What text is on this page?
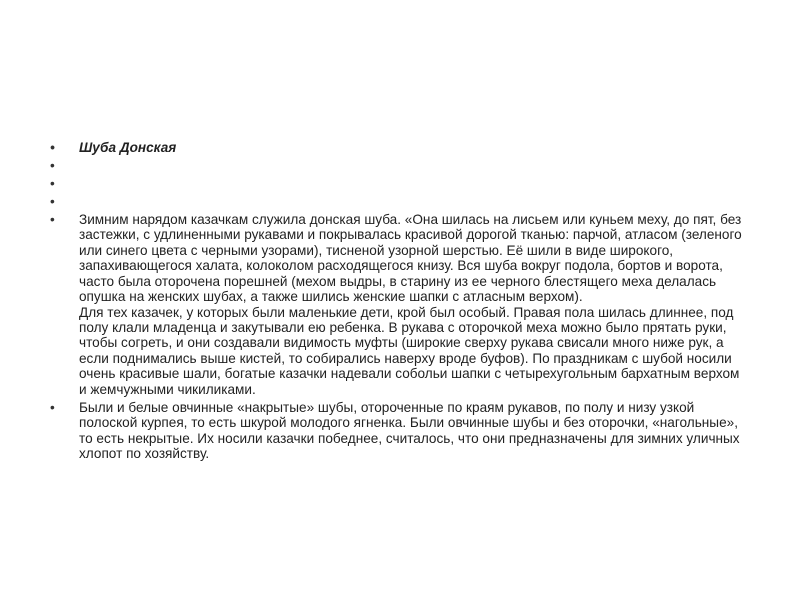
• Шуба Донская
•
•
•
• Зимним нарядом казачкам служила донская шуба. «Она шилась на лисьем или куньем меху, до пят, без застежки, с удлиненными рукавами и покрывалась красивой дорогой тканью: парчой, атласом (зеленого или синего цвета с черными узорами), тисненой узорной шерстью. Её шили в виде широкого, запахивающегося халата, колоколом расходящегося книзу. Вся шуба вокруг подола, бортов и ворота, часто была оторочена порешней (мехом выдры, в старину из ее черного блестящего меха делалась опушка на женских шубах, а также шились женские шапки с атласным верхом).
Для тех казачек, у которых были маленькие дети, крой был особый. Правая пола шилась длиннее, под полу клали младенца и закутывали ею ребенка. В рукава с оторочкой меха можно было прятать руки, чтобы согреть, и они создавали видимость муфты (широкие сверху рукава свисали много ниже рук, а если поднимались выше кистей, то собирались наверху вроде буфов). По праздникам с шубой носили очень красивые шали, богатые казачки надевали собольи шапки с четырехугольным бархатным верхом и жемчужными чикиликами.
• Были и белые овчинные «накрытые» шубы, отороченные по краям рукавов, по полу и низу узкой полоской курпея, то есть шкурой молодого ягненка. Были овчинные шубы и без оторочки, «нагольные», то есть некрытые. Их носили казачки победнее, считалось, что они предназначены для зимних уличных хлопот по хозяйству.
